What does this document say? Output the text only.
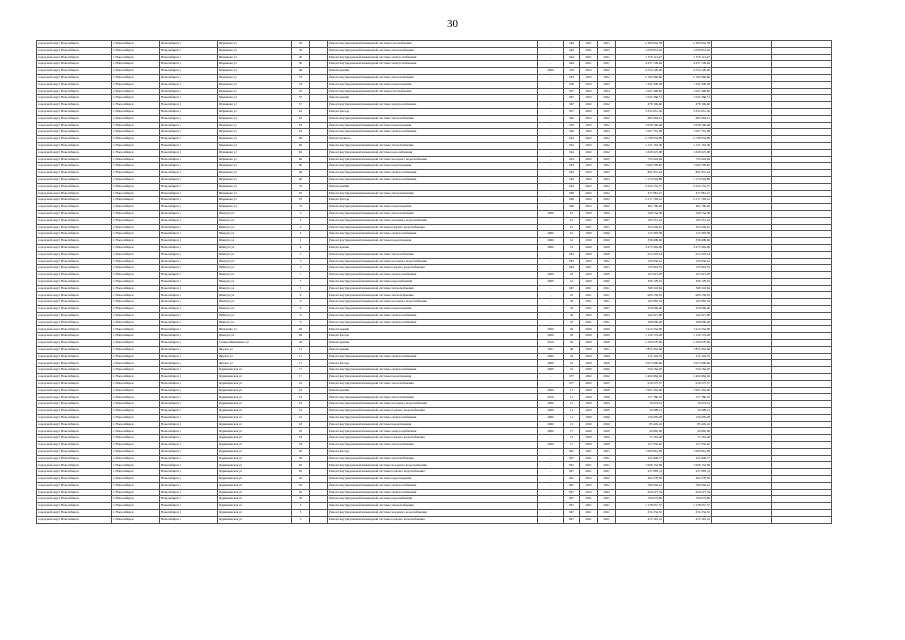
30
городской округ Новосибирск	г. Новосибирск	Новосибирск г	Шарикова ул	30		Ремонт внутридомовой инженерной системы газоснабжения	-	944	2021	2021	2 390 944,58	2 390 944,58		
городской округ Новосибирск	г. Новосибирск	Новосибирск г	Шарикова ул	30		Ремонт внутридомовой инженерной системы теплоснабжения	-	944	2021	2023	1 059 831,02	1 059 831,02		
городской округ Новосибирск	г. Новосибирск	Новосибирск г	Шарикова ул	30		Ремонт внутридомовой инженерной системы электроснабжения	-	944	2021	2021	1 379 112,97	1 379 112,97		
городской округ Новосибирск	г. Новосибирск	Новосибирск г	Шарикова ул	30		Ремонт внутридомовой инженерной системы электроснабжения	-	944	2021	2021	2 057 749,49	2 057 749,49		
городской округ Новосибирск	г. Новосибирск	Новосибирск г	Шарикова ул	49		Ремонт крыши	2006	479	2022	2022	4 754 120,00	4 754 120,00		
городской округ Новосибирск	г. Новосибирск	Новосибирск г	Шарикова ул	53		Ремонт внутридомовой инженерной системы теплоснабжения	-	924	2022	2022	2 184 060,86	2 184 060,86		
городской округ Новосибирск	г. Новосибирск	Новосибирск г	Шарикова ул	53		Ремонт внутридомовой инженерной системы водоотведения	-	959	2022	2022	1 342 308,58	1 342 308,58		
городской округ Новосибирск	г. Новосибирск	Новосибирск г	Шарикова ул	55		Ремонт внутридомовой инженерной системы газоснабжения	-	957	2022	2022	1 047 496,82	1 047 496,82		
городской округ Новосибирск	г. Новосибирск	Новосибирск г	Шарикова ул	57		Ремонт крыши	-	967	2022	2022	1 045 368,51	1 045 368,51		
городской округ Новосибирск	г. Новосибирск	Новосибирск г	Шарикова ул	57		Ремонт внутридомовой инженерной системы электроснабжения	-	967	2022	2022	478 169,40	478 169,40		
городской округ Новосибирск	г. Новосибирск	Новосибирск г	Шарикова ул	61		Ремонт фасада	-	957	2022	2022	3 235 951,30	3 235 951,30		
городской округ Новосибирск	г. Новосибирск	Новосибирск г	Шарикова ул	63		Ремонт внутридомовой инженерной системы теплоснабжения	-	949	2022	2022	685 094,15	685 094,15		
городской округ Новосибирск	г. Новосибирск	Новосибирск г	Шарикова ул	63		Ремонт внутридомовой инженерной системы водоотведения	-	954	2022	2022	3 039 140,00	3 039 140,00		
городской округ Новосибирск	г. Новосибирск	Новосибирск г	Шарикова ул	63		Ремонт внутридомовой инженерной системы электроснабжения	-	949	2022	2022	1 047 701,48	1 047 701,48		
городской округ Новосибирск	г. Новосибирск	Новосибирск г	Шарикова ул	66		Ремонт подвала	-	924	2022	2022	2 748 054,89	2 748 054,89		
городской округ Новосибирск	г. Новосибирск	Новосибирск г	Шарикова ул	66		Ремонт внутридомовой инженерной системы теплоснабжения	-	924	2022	2022	1 147 163,00	1 147 163,00		
городской округ Новосибирск	г. Новосибирск	Новосибирск г	Шарикова ул	66		Ремонт внутридомовой инженерной системы водоснабжения	-	924	2022	2022	1 639 625,98	1 639 625,98		
городской округ Новосибирск	г. Новосибирск	Новосибирск г	Шарикова ул	66		Ремонт внутридомовой инженерной системы холодного водоснабжения	-	924	2022	2022	755 043,04	755 043,04		
городской округ Новосибирск	г. Новосибирск	Новосибирск г	Шарикова ул	66		Ремонт внутридомовой инженерной системы водоотведения	-	924	2022	2022	1 044 799,85	1 044 799,85		
городской округ Новосибирск	г. Новосибирск	Новосибирск г	Шарикова ул	66		Ремонт внутридомовой инженерной системы электроснабжения	-	924	2022	2022	862 457,24	862 457,24		
городской округ Новосибирск	г. Новосибирск	Новосибирск г	Шарикова ул	66		Ремонт внутридомовой инженерной системы электроснабжения	-	924	2022	2022	1 170 504,86	1 170 504,86		
городской округ Новосибирск	г. Новосибирск	Новосибирск г	Шарикова ул	70		Ремонт крыши	-	924	2022	2022	3 254 155,57	3 254 155,57		
городской округ Новосибирск	г. Новосибирск	Новосибирск г	Шарикова ул	70		Ремонт внутридомовой инженерной системы теплоснабжения	-	969	2022	2022	477 981,21	477 981,21		
городской округ Новосибирск	г. Новосибирск	Новосибирск г	Шарикова ул	70		Ремонт фасада	-	969	2022	2022	2 517 792,41	2 517 792,41		
городской округ Новосибирск	г. Новосибирск	Новосибирск г	Шарикова ул	70		Ремонт внутридомовой инженерной системы водоотведения	-	969	2022	2022	491 769,29	491 769,29		
городской округ Новосибирск	г. Новосибирск	Новосибирск г	Шмидта ул	2		Ремонт внутридомовой инженерной системы теплоснабжения	2006	61	2020	2020	568 134,38	568 134,38		
городской округ Новосибирск	г. Новосибирск	Новосибирск г	Шмидта ул	2		Ремонт внутридомовой инженерной системы холодного водоснабжения	-	61	2021	2021	185 215,22	185 215,22		
городской округ Новосибирск	г. Новосибирск	Новосибирск г	Шмидта ул	2		Ремонт внутридомовой инженерной системы горячего водоснабжения	-	61	2021	2021	323 546,61	323 546,61		
городской округ Новосибирск	г. Новосибирск	Новосибирск г	Шмидта ул	2		Ремонт внутридомовой инженерной системы электроснабжения	2006	61	2020	2020	153 393,99	153 393,99		
городской округ Новосибирск	г. Новосибирск	Новосибирск г	Шмидта ул	2		Ремонт внутридомовой инженерной системы водоотведения	2006	61	2020	2020	358 409,69	358 409,69		
городской округ Новосибирск	г. Новосибирск	Новосибирск г	Шмидта ул	4		Ремонт крыши	2006	23	2020	2020	3 273 594,09	3 273 594,09		
городской округ Новосибирск	г. Новосибирск	Новосибирск г	Шмидта ул	5		Ремонт внутридомовой инженерной системы теплоснабжения	-	844	2020	2020	613 203,24	613 203,24		
городской округ Новосибирск	г. Новосибирск	Новосибирск г	Шмидта ул	5		Ремонт внутридомовой инженерной системы холодного водоснабжения	-	844	2022	2022	145 050,61	145 050,61		
городской округ Новосибирск	г. Новосибирск	Новосибирск г	Шмидта ул	5		Ремонт внутридомовой инженерной системы горячего водоснабжения	-	844	2021	2021	135 091,53	135 091,53		
городской округ Новосибирск	г. Новосибирск	Новосибирск г	Шмидта ул	7		Ремонт внутридомовой инженерной системы электроснабжения	2006	43	2020	2020	167 013,18	167 013,18		
городской округ Новосибирск	г. Новосибирск	Новосибирск г	Шмидта ул	7		Ремонт внутридомовой инженерной системы водоснабжения	2006	41	2020	2020	308 128,19	308 128,19		
городской округ Новосибирск	г. Новосибирск	Новосибирск г	Шмидта ул	7		Ремонт внутридомовой инженерной системы теплоснабжения	-	947	2021	2021	308 110,04	308 110,04		
городской округ Новосибирск	г. Новосибирск	Новосибирск г	Шмидта ул	9		Ремонт внутридомовой инженерной системы теплоснабжения	-	10	2021	2021	906 159,91	906 159,91		
городской округ Новосибирск	г. Новосибирск	Новосибирск г	Шмидта ул	9		Ремонт внутридомовой инженерной системы холодного водоснабжения	-	39	2021	2021	160 083,53	160 083,53		
городской округ Новосибирск	г. Новосибирск	Новосибирск г	Шмидта ул	9		Ремонт внутридомовой инженерной системы водоотведения	-	39	2021	2021	220 096,00	220 096,00		
городской округ Новосибирск	г. Новосибирск	Новосибирск г	Шмидта ул	9		Ремонт внутридомовой инженерной системы электроснабжения	-	39	2022	2022	242 015,00	242 015,00		
городской округ Новосибирск	г. Новосибирск	Новосибирск г	Шмидта ул	9		Ремонт внутридомовой инженерной системы электроснабжения	-	10	2021	2021	298 000,00	298 000,00		
городской округ Новосибирск	г. Новосибирск	Новосибирск г	Шевченко ул	20		Ремонт крыши	2006	20	2020	2020	1 912 534,00	1 912 534,00		
городской округ Новосибирск	г. Новосибирск	Новосибирск г	Шмидта ул	39		Ремонт фасада	2006	56	2020	2020	1 159 174,00	1 159 174,00		
городской округ Новосибирск	г. Новосибирск	Новосибирск г	Семьи Шамшиных ул	39		Ремонт крыши	2019	50	2020	2020	2 184 070,00	2 184 070,00		
городской округ Новосибирск	г. Новосибирск	Новосибирск г	Фрунзе ул	11		Ремонт крыши	2021	48	2020	2021	1 874 452,68	1 874 452,68		
городской округ Новосибирск	г. Новосибирск	Новосибирск г	Фрунзе ул	11		Ремонт внутридомовой инженерной системы электроснабжения	2006	32	2020	2020	172 124,70	172 124,70		
городской округ Новосибирск	г. Новосибирск	Новосибирск г	Фрунзе ул	17		Ремонт фасада	2006	10	2020	2020	3 975 699,60	3 975 699,60		
городской округ Новосибирск	г. Новосибирск	Новосибирск г	Ядринцевская ул	17		Ремонт внутридомовой инженерной системы электроснабжения	2006	23	2020	2020	550 162,03	550 162,03		
городской округ Новосибирск	г. Новосибирск	Новосибирск г	Ядринцевская ул	17		Ремонт внутридомовой инженерной системы водоотведения	-	977	2022	2022	1 404 964,02	1 404 964,02		
городской округ Новосибирск	г. Новосибирск	Новосибирск г	Ядринцевская ул	16		Ремонт внутридомовой инженерной системы теплоснабжения	-	977	2022	2022	610 573,57	610 573,57		
городской округ Новосибирск	г. Новосибирск	Новосибирск г	Ядринцевская ул	16		Ремонт крыши	2006	11	2020	2020	1 991 563,00	1 991 563,00		
городской округ Новосибирск	г. Новосибирск	Новосибирск г	Ядринцевская ул	16		Ремонт внутридомовой инженерной системы теплоснабжения	2019	11	2020	2020	217 386,32	217 386,32		
городской округ Новосибирск	г. Новосибирск	Новосибирск г	Ядринцевская ул	16		Ремонт внутридомовой инженерной системы холодного водоснабжения	2006	11	2020	2020	16 972,91	16 972,91		
городской округ Новосибирск	г. Новосибирск	Новосибирск г	Ядринцевская ул	16		Ремонт внутридомовой инженерной системы горячего водоснабжения	2006	11	2020	2020	56 908,21	56 908,21		
городской округ Новосибирск	г. Новосибирск	Новосибирск г	Ядринцевская ул	16		Ремонт внутридомовой инженерной системы электроснабжения	2006	11	2020	2020	156 605,28	156 605,28		
городской округ Новосибирск	г. Новосибирск	Новосибирск г	Ядринцевская ул	18		Ремонт внутридомовой инженерной системы водоотведения	2006	15	2020	2020	83 245,19	83 245,19		
городской округ Новосибирск	г. Новосибирск	Новосибирск г	Ядринцевская ул	18		Ремонт внутридомовой инженерной системы электроснабжения	2006	17	2020	2020	40 092,00	40 092,00		
городской округ Новосибирск	г. Новосибирск	Новосибирск г	Ядринцевская ул	18		Ремонт внутридомовой инженерной системы горячего водоснабжения	-	14	2020	2020	73 163,48	73 163,48		
городской округ Новосибирск	г. Новосибирск	Новосибирск г	Ядринцевская ул	18		Ремонт внутридомовой инженерной системы теплоснабжения	2006	17	2020	2020	127 059,25	127 059,25		
городской округ Новосибирск	г. Новосибирск	Новосибирск г	Ядринцевская ул	20		Ремонт фасада	-	847	2021	2021	1 099 661,49	1 099 661,49		
городской округ Новосибирск	г. Новосибирск	Новосибирск г	Ядринцевская ул	20		Ремонт внутридомовой инженерной системы теплоснабжения	-	847	2021	2021	445 949,77	445 949,77		
городской округ Новосибирск	г. Новосибирск	Новосибирск г	Ядринцевская ул	20		Ремонт внутридомовой инженерной системы холодного водоснабжения	-	847	2021	2021	1 099 153,69	1 099 153,69		
городской округ Новосибирск	г. Новосибирск	Новосибирск г	Ядринцевская ул	20		Ремонт внутридомовой инженерной системы горячего водоснабжения	-	847	2021	2021	237 683,74	237 683,74		
городской округ Новосибирск	г. Новосибирск	Новосибирск г	Ядринцевская ул	20		Ремонт внутридомовой инженерной системы водоотведения	-	847	2022	2022	262 278,50	262 278,50		
городской округ Новосибирск	г. Новосибирск	Новосибирск г	Ядринцевская ул	20		Ремонт внутридомовой инженерной системы электроснабжения	-	847	2022	2022	586 004,91	586 004,91		
городской округ Новосибирск	г. Новосибирск	Новосибирск г	Ядринцевская ул	20		Ремонт внутридомовой инженерной системы электроснабжения	-	847	2022	2022	624 527,54	624 527,54		
городской округ Новосибирск	г. Новосибирск	Новосибирск г	Ядринцевская ул	20		Ремонт внутридомовой инженерной системы водоснабжения	-	847	2021	2021	794 672,86	794 672,86		
городской округ Новосибирск	г. Новосибирск	Новосибирск г	Ядринцевская ул	5		Ремонт внутридомовой инженерной системы теплоснабжения	-	847	2021	2021	1 178 057,37	1 178 057,37		
городской округ Новосибирск	г. Новосибирск	Новосибирск г	Ядринцевская ул	5		Ремонт внутридомовой инженерной системы холодного водоснабжения	-	847	2021	2021	252 234,52	252 234,52		
городской округ Новосибирск	г. Новосибирск	Новосибирск г	Ядринцевская ул	5		Ремонт внутридомовой инженерной системы горячего водоснабжения	-	847	2021	2021	472 191,16	472 191,16		
